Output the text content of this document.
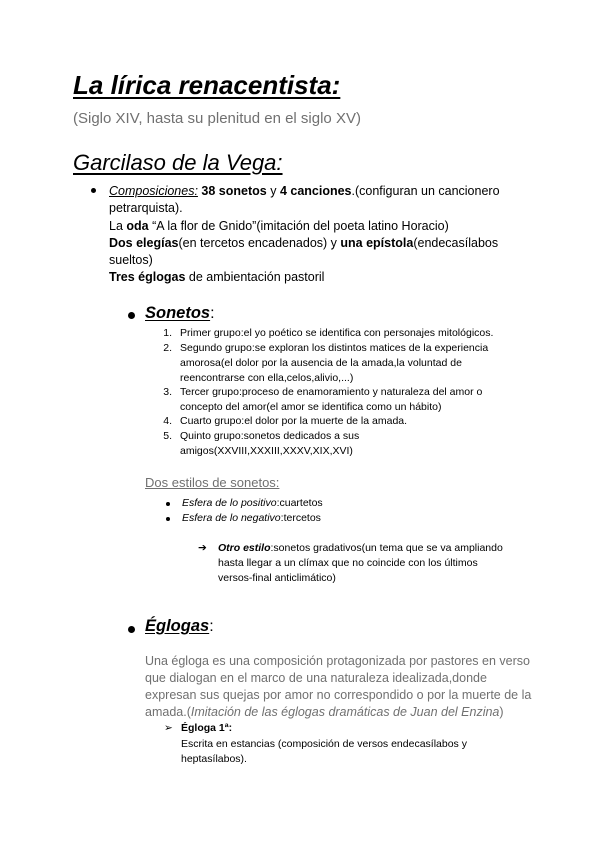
La lírica renacentista:
(Siglo XIV, hasta su plenitud en el siglo XV)
Garcilaso de la Vega:
Composiciones: 38 sonetos y 4 canciones.(configuran un cancionero
petrarquista).
La oda “A la flor de Gnido”(imitación del poeta latino Horacio)
Dos elegías(en tercetos encadenados) y una epístola(endecasílabos
sueltos)
Tres églogas de ambientación pastoril
Sonetos:
1. Primer grupo:el yo poético se identifica con personajes mitológicos.
2. Segundo grupo:se exploran los distintos matices de la experiencia
amorosa(el dolor por la ausencia de la amada,la voluntad de
reencontrarse con ella,celos,alivio,...)
3. Tercer grupo:proceso de enamoramiento y naturaleza del amor o
concepto del amor(el amor se identifica como un hábito)
4. Cuarto grupo:el dolor por la muerte de la amada.
5. Quinto grupo:sonetos dedicados a sus
amigos(XXVIII,XXXIII,XXXV,XIX,XVI)
Dos estilos de sonetos:
Esfera de lo positivo:cuartetos
Esfera de lo negativo:tercetos
➔ Otro estilo:sonetos gradativos(un tema que se va ampliando
hasta llegar a un clímax que no coincide con los últimos
versos-final anticlimático)
Églogas:
Una égloga es una composición protagonizada por pastores en verso
que dialogan en el marco de una naturaleza idealizada,donde
expresan sus quejas por amor no correspondido o por la muerte de la
amada.(Imitación de las églogas dramáticas de Juan del Enzina)
➢ Égloga 1ª:
Escrita en estancias (composición de versos endecasílabos y
heptasílabos).
